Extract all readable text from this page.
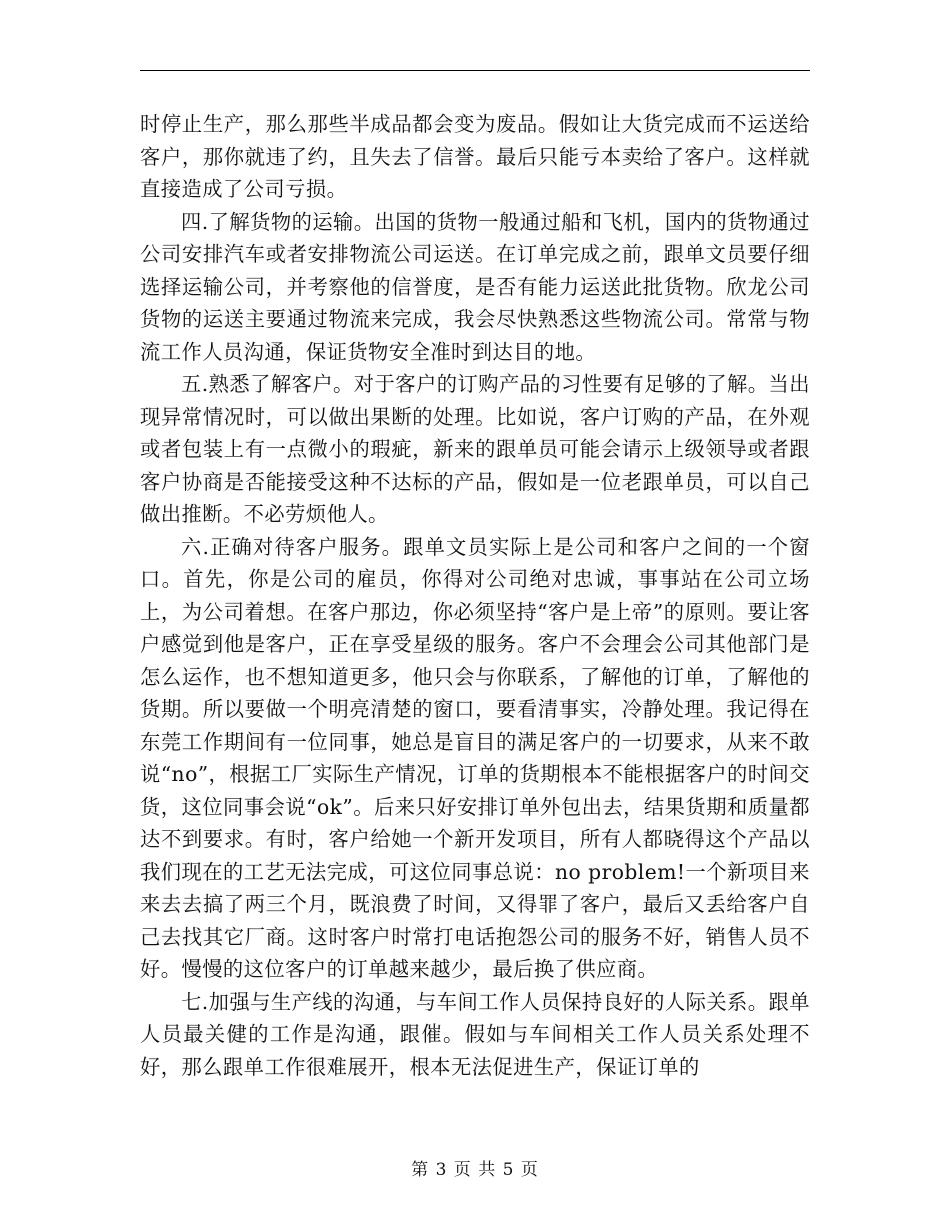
时停止生产，那么那些半成品都会变为废品。假如让大货完成而不运送给客户，那你就违了约，且失去了信誉。最后只能亏本卖给了客户。这样就直接造成了公司亏损。

四.了解货物的运输。出国的货物一般通过船和飞机，国内的货物通过公司安排汽车或者安排物流公司运送。在订单完成之前，跟单文员要仔细选择运输公司，并考察他的信誉度，是否有能力运送此批货物。欣龙公司货物的运送主要通过物流来完成，我会尽快熟悉这些物流公司。常常与物流工作人员沟通，保证货物安全准时到达目的地。

五.熟悉了解客户。对于客户的订购产品的习性要有足够的了解。当出现异常情况时，可以做出果断的处理。比如说，客户订购的产品，在外观或者包装上有一点微小的瑕疵，新来的跟单员可能会请示上级领导或者跟客户协商是否能接受这种不达标的产品，假如是一位老跟单员，可以自己做出推断。不必劳烦他人。

六.正确对待客户服务。跟单文员实际上是公司和客户之间的一个窗口。首先，你是公司的雇员，你得对公司绝对忠诚，事事站在公司立场上，为公司着想。在客户那边，你必须坚持“客户是上帝”的原则。要让客户感觉到他是客户，正在享受星级的服务。客户不会理会公司其他部门是怎么运作，也不想知道更多，他只会与你联系，了解他的订单，了解他的货期。所以要做一个明亮清楚的窗口，要看清事实，冷静处理。我记得在东莞工作期间有一位同事，她总是盲目的满足客户的一切要求，从来不敢说“no”，根据工厂实际生产情况，订单的货期根本不能根据客户的时间交货，这位同事会说“ok”。后来只好安排订单外包出去，结果货期和质量都达不到要求。有时，客户给她一个新开发项目，所有人都晓得这个产品以我们现在的工艺无法完成，可这位同事总说：no problem!一个新项目来来去去搞了两三个月，既浪费了时间，又得罪了客户，最后又丢给客户自己去找其它厂商。这时客户时常打电话抱怨公司的服务不好，销售人员不好。慢慢的这位客户的订单越来越少，最后换了供应商。

七.加强与生产线的沟通，与车间工作人员保持良好的人际关系。跟单人员最关健的工作是沟通，跟催。假如与车间相关工作人员关系处理不好，那么跟单工作很难展开，根本无法促进生产，保证订单的

第 3 页 共 5 页
